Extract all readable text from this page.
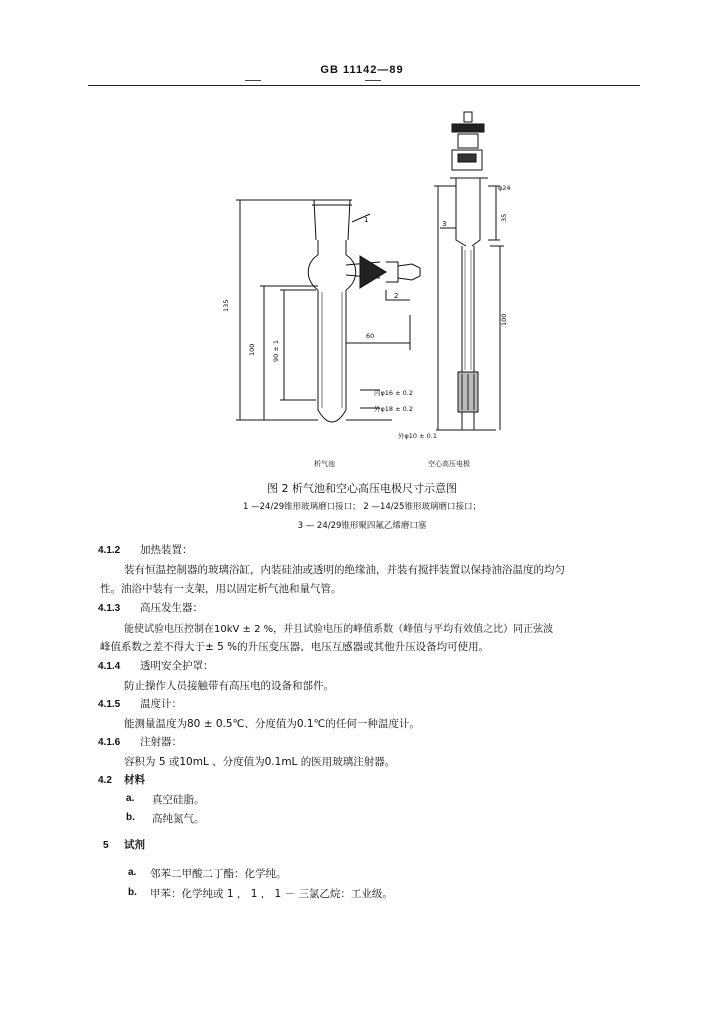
GB 11142—89
1
2
3
135
100 90 ± 1
60
内φ16 ± 0.2
外φ18 ± 0.2
φ24
35
100
外φ10 ± 0.1
析气池	空心高压电极
图 2 析气池和空心高压电极尺寸示意图
1 —24/29锥形玻璃磨口接口； 2 —14/25锥形玻璃磨口接口；
3 — 24/29锥形聚四氟乙烯磨口塞
4.1.2 加热装置：
装有恒温控制器的玻璃浴缸，内装硅油或透明的绝缘油，并装有搅拌装置以保持油浴温度的均匀
性。油浴中装有一支架，用以固定析气池和量气管。
4.1.3 高压发生器：
能使试验电压控制在10kV ± 2 %，并且试验电压的峰值系数（峰值与平均有效值之比）同正弦波
峰值系数之差不得大于± 5 %的升压变压器、电压互感器或其他升压设备均可使用。
4.1.4 透明安全护罩：
防止操作人员接触带有高压电的设备和部件。
4.1.5 温度计：
能测量温度为80 ± 0.5℃、分度值为0.1℃的任何一种温度计。
4.1.6 注射器：
容积为 5 或10mL 、分度值为0.1mL 的医用玻璃注射器。
4.2 材料
a. 真空硅脂。
b. 高纯氮气。
5 试剂
a. 邻苯二甲酸二丁酯：化学纯。
b. 甲苯：化学纯或 1 ， 1 ， 1 － 三氯乙烷：工业级。
